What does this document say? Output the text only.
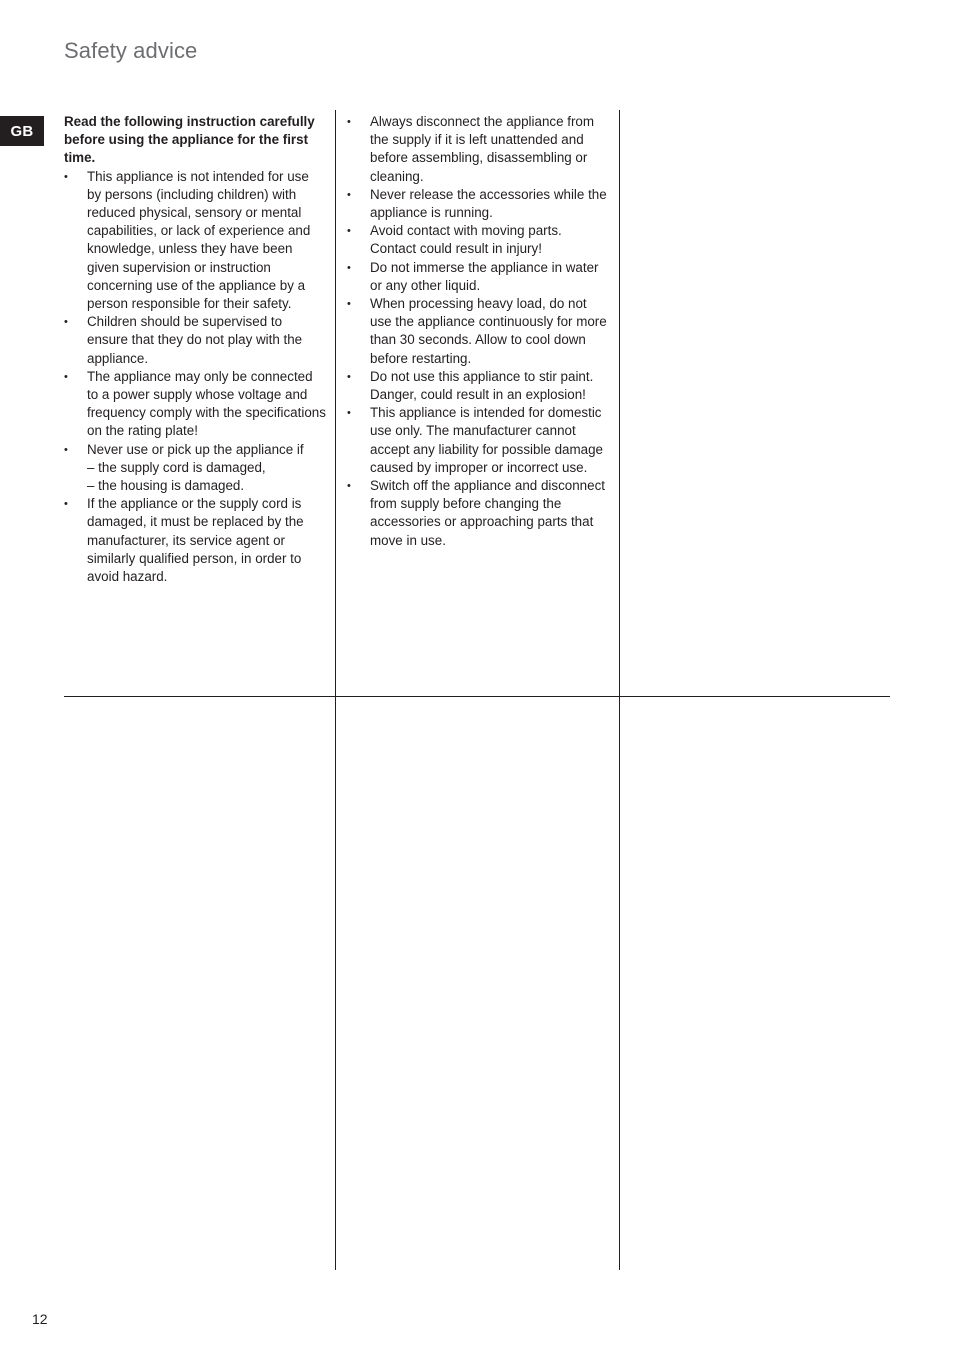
Safety advice
GB

Read the following instruction carefully before using the appliance for the first time.

• This appliance is not intended for use by persons (including children) with reduced physical, sensory or mental capabilities, or lack of experience and knowledge, unless they have been given supervision or instruction concerning use of the appliance by a person responsible for their safety.
• Children should be supervised to ensure that they do not play with the appliance.
• The appliance may only be connected to a power supply whose voltage and frequency comply with the specifications on the rating plate!
• Never use or pick up the appliance if
– the supply cord is damaged,
– the housing is damaged.
• If the appliance or the supply cord is damaged, it must be replaced by the manufacturer, its service agent or similarly qualified person, in order to avoid hazard.
• Always disconnect the appliance from the supply if it is left unattended and before assembling, disassembling or cleaning.
• Never release the accessories while the appliance is running.
• Avoid contact with moving parts. Contact could result in injury!
• Do not immerse the appliance in water or any other liquid.
• When processing heavy load, do not use the appliance continuously for more than 30 seconds. Allow to cool down before restarting.
• Do not use this appliance to stir paint. Danger, could result in an explosion!
• This appliance is intended for domestic use only. The manufacturer cannot accept any liability for possible damage caused by improper or incorrect use.
• Switch off the appliance and disconnect from supply before changing the accessories or approaching parts that move in use.
12
